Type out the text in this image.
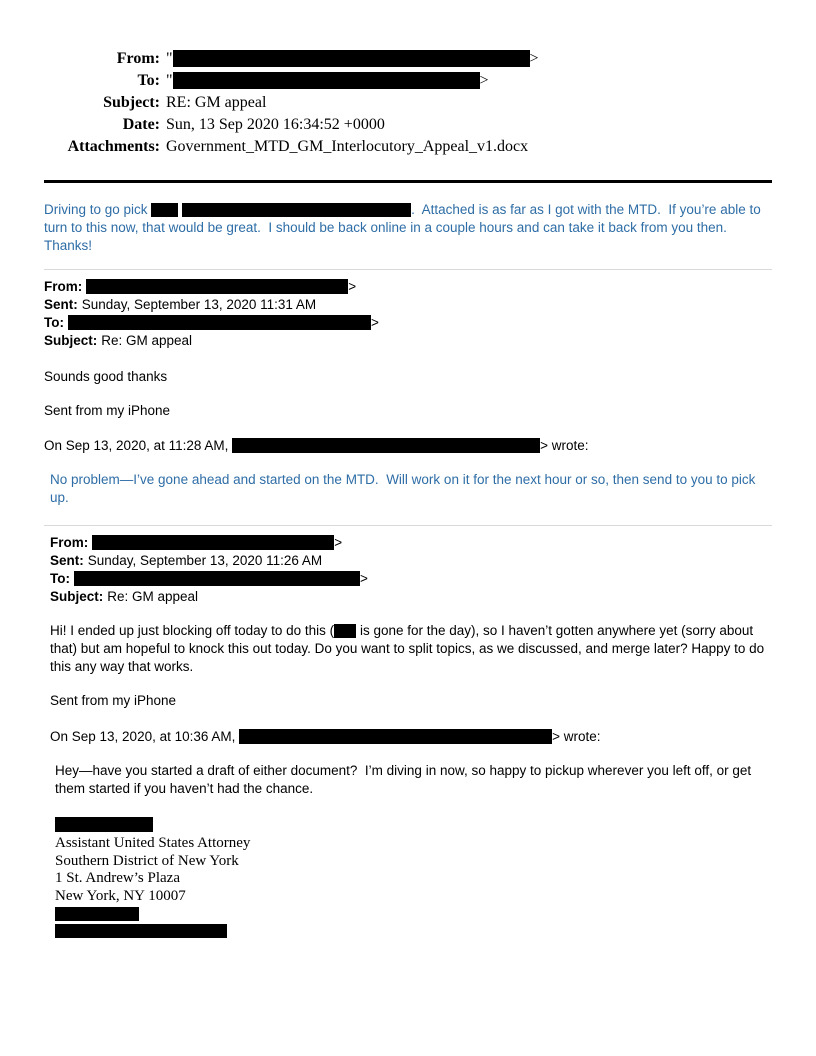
From: "	>
To: "	>
Subject: RE: GM appeal
Date: Sun, 13 Sep 2020 16:34:52 +0000
Attachments: Government_MTD_GM_Interlocutory_Appeal_v1.docx
Driving to go pick	.  Attached is as far as I got with the MTD.  If you’re able to turn to this now, that would be great.  I should be back online in a couple hours and can take it back from you then.  Thanks!
From:	>
Sent: Sunday, September 13, 2020 11:31 AM
To:	>
Subject: Re: GM appeal
Sounds good thanks
Sent from my iPhone
On Sep 13, 2020, at 11:28 AM,	> wrote:
No problem—I’ve gone ahead and started on the MTD.  Will work on it for the next hour or so, then send to you to pick up.
From:	>
Sent: Sunday, September 13, 2020 11:26 AM
To:	>
Subject: Re: GM appeal
Hi! I ended up just blocking off today to do this ( is gone for the day), so I haven’t gotten anywhere yet (sorry about that) but am hopeful to knock this out today. Do you want to split topics, as we discussed, and merge later? Happy to do this any way that works.
Sent from my iPhone
On Sep 13, 2020, at 10:36 AM,	> wrote:
Hey—have you started a draft of either document?  I’m diving in now, so happy to pickup wherever you left off, or get them started if you haven’t had the chance.
Assistant United States Attorney
Southern District of New York
1 St. Andrew’s Plaza
New York, NY 10007
